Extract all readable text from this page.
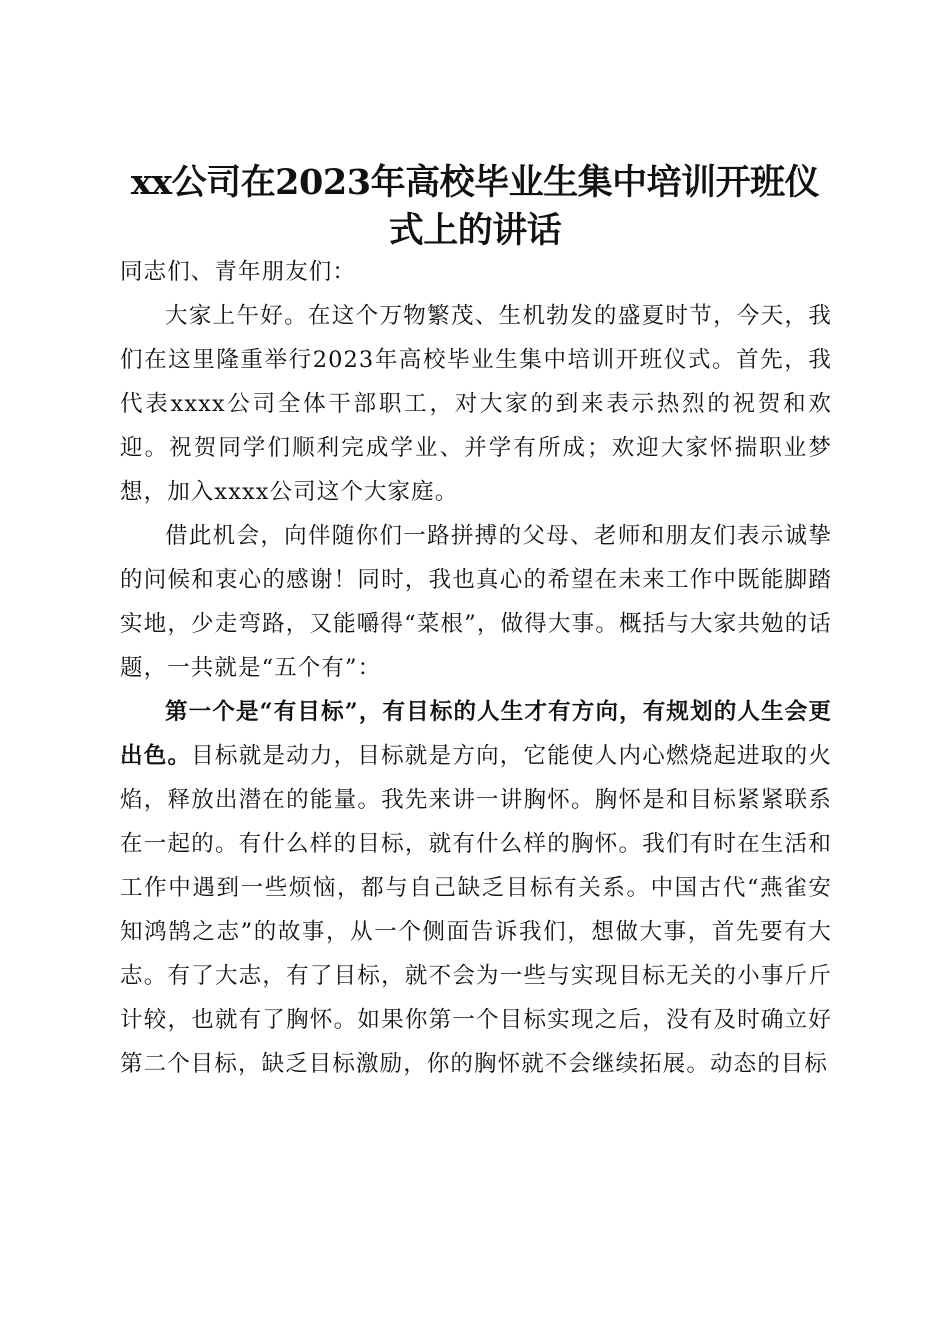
xx公司在2023年高校毕业生集中培训开班仪
式上的讲话
同志们、青年朋友们：

大家上午好。在这个万物繁茂、生机勃发的盛夏时节，今天，我们在这里隆重举行2023年高校毕业生集中培训开班仪式。首先，我代表xxxx公司全体干部职工，对大家的到来表示热烈的祝贺和欢迎。祝贺同学们顺利完成学业、并学有所成；欢迎大家怀揣职业梦想，加入xxxx公司这个大家庭。

借此机会，向伴随你们一路拼搏的父母、老师和朋友们表示诚挚的问候和衷心的感谢！同时，我也真心的希望在未来工作中既能脚踏实地，少走弯路，又能嚼得“菜根”，做得大事。概括与大家共勉的话题，一共就是“五个有”：

第一个是“有目标”，有目标的人生才有方向，有规划的人生会更出色。目标就是动力，目标就是方向，它能使人内心燃烧起进取的火焰，释放出潜在的能量。我先来讲一讲胸怀。胸怀是和目标紧紧联系在一起的。有什么样的目标，就有什么样的胸怀。我们有时在生活和工作中遇到一些烦恼，都与自己缺乏目标有关系。中国古代“燕雀安知鸿鹄之志”的故事，从一个侧面告诉我们，想做大事，首先要有大志。有了大志，有了目标，就不会为一些与实现目标无关的小事斤斤计较，也就有了胸怀。如果你第一个目标实现之后，没有及时确立好第二个目标，缺乏目标激励，你的胸怀就不会继续拓展。动态的目标
